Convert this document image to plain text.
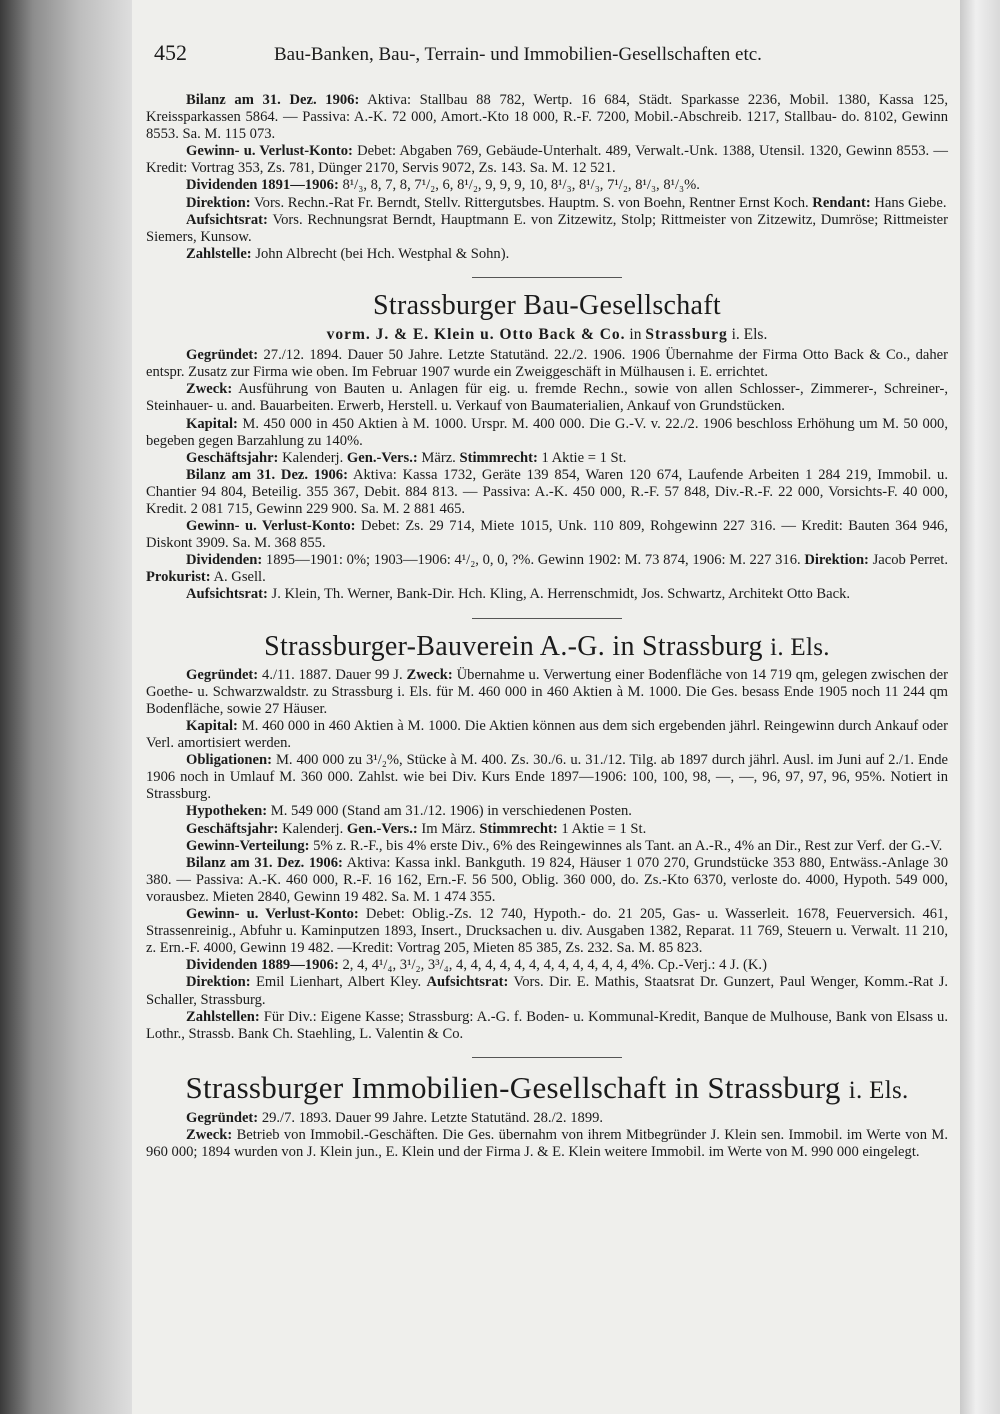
452	Bau-Banken, Bau-, Terrain- und Immobilien-Gesellschaften etc.

Bilanz am 31. Dez. 1906: Aktiva: Stallbau 88 782, Wertp. 16 684, Städt. Sparkasse 2236, Mobil. 1380, Kassa 125, Kreissparkassen 5864. — Passiva: A.-K. 72 000, Amort.-Kto 18 000, R.-F. 7200, Mobil.-Abschreib. 1217, Stallbau- do. 8102, Gewinn 8553. Sa. M. 115 073.

Gewinn- u. Verlust-Konto: Debet: Abgaben 769, Gebäude-Unterhalt. 489, Verwalt.-Unk. 1388, Utensil. 1320, Gewinn 8553. — Kredit: Vortrag 353, Zs. 781, Dünger 2170, Servis 9072, Zs. 143. Sa. M. 12 521.

Dividenden 1891—1906: 8¹/₃, 8, 7, 8, 7¹/₂, 6, 8¹/₂, 9, 9, 9, 10, 8¹/₃, 8¹/₃, 7¹/₂, 8¹/₃, 8¹/₃%.

Direktion: Vors. Rechn.-Rat Fr. Berndt, Stellv. Rittergutsbes. Hauptm. S. von Boehn, Rentner Ernst Koch. Rendant: Hans Giebe.

Aufsichtsrat: Vors. Rechnungsrat Berndt, Hauptmann E. von Zitzewitz, Stolp; Rittmeister von Zitzewitz, Dumröse; Rittmeister Siemers, Kunsow.

Zahlstelle: John Albrecht (bei Hch. Westphal & Sohn).

Strassburger Bau-Gesellschaft
vorm. J. & E. Klein u. Otto Back & Co. in Strassburg i. Els.

Gegründet: 27./12. 1894. Dauer 50 Jahre. Letzte Statutänd. 22./2. 1906. 1906 Übernahme der Firma Otto Back & Co., daher entspr. Zusatz zur Firma wie oben. Im Februar 1907 wurde ein Zweiggeschäft in Mülhausen i. E. errichtet.

Zweck: Ausführung von Bauten u. Anlagen für eig. u. fremde Rechn., sowie von allen Schlosser-, Zimmerer-, Schreiner-, Steinhauer- u. and. Bauarbeiten. Erwerb, Herstell. u. Verkauf von Baumaterialien, Ankauf von Grundstücken.

Kapital: M. 450 000 in 450 Aktien à M. 1000. Urspr. M. 400 000. Die G.-V. v. 22./2. 1906 beschloss Erhöhung um M. 50 000, begeben gegen Barzahlung zu 140%.

Geschäftsjahr: Kalenderj. Gen.-Vers.: März. Stimmrecht: 1 Aktie = 1 St.

Bilanz am 31. Dez. 1906: Aktiva: Kassa 1732, Geräte 139 854, Waren 120 674, Laufende Arbeiten 1 284 219, Immobil. u. Chantier 94 804, Beteilig. 355 367, Debit. 884 813. — Passiva: A.-K. 450 000, R.-F. 57 848, Div.-R.-F. 22 000, Vorsichts-F. 40 000, Kredit. 2 081 715, Gewinn 229 900. Sa. M. 2 881 465.

Gewinn- u. Verlust-Konto: Debet: Zs. 29 714, Miete 1015, Unk. 110 809, Rohgewinn 227 316. — Kredit: Bauten 364 946, Diskont 3909. Sa. M. 368 855.

Dividenden: 1895—1901: 0%; 1903—1906: 4¹/₂, 0, 0, ?%. Gewinn 1902: M. 73 874, 1906: M. 227 316. Direktion: Jacob Perret. Prokurist: A. Gsell.

Aufsichtsrat: J. Klein, Th. Werner, Bank-Dir. Hch. Kling, A. Herrenschmidt, Jos. Schwartz, Architekt Otto Back.

Strassburger-Bauverein A.-G. in Strassburg i. Els.

Gegründet: 4./11. 1887. Dauer 99 J. Zweck: Übernahme u. Verwertung einer Bodenfläche von 14 719 qm, gelegen zwischen der Goethe- u. Schwarzwaldstr. zu Strassburg i. Els. für M. 460 000 in 460 Aktien à M. 1000. Die Ges. besass Ende 1905 noch 11 244 qm Bodenfläche, sowie 27 Häuser.

Kapital: M. 460 000 in 460 Aktien à M. 1000. Die Aktien können aus dem sich ergebenden jährl. Reingewinn durch Ankauf oder Verl. amortisiert werden.

Obligationen: M. 400 000 zu 3¹/₂%, Stücke à M. 400. Zs. 30./6. u. 31./12. Tilg. ab 1897 durch jährl. Ausl. im Juni auf 2./1. Ende 1906 noch in Umlauf M. 360 000. Zahlst. wie bei Div. Kurs Ende 1897—1906: 100, 100, 98, —, —, 96, 97, 97, 96, 95%. Notiert in Strassburg.

Hypotheken: M. 549 000 (Stand am 31./12. 1906) in verschiedenen Posten.

Geschäftsjahr: Kalenderj. Gen.-Vers.: Im März. Stimmrecht: 1 Aktie = 1 St.

Gewinn-Verteilung: 5% z. R.-F., bis 4% erste Div., 6% des Reingewinnes als Tant. an A.-R., 4% an Dir., Rest zur Verf. der G.-V.

Bilanz am 31. Dez. 1906: Aktiva: Kassa inkl. Bankguth. 19 824, Häuser 1 070 270, Grundstücke 353 880, Entwäss.-Anlage 30 380. — Passiva: A.-K. 460 000, R.-F. 16 162, Ern.-F. 56 500, Oblig. 360 000, do. Zs.-Kto 6370, verloste do. 4000, Hypoth. 549 000, vorausbez. Mieten 2840, Gewinn 19 482. Sa. M. 1 474 355.

Gewinn- u. Verlust-Konto: Debet: Oblig.-Zs. 12 740, Hypoth.- do. 21 205, Gas- u. Wasserleit. 1678, Feuerversich. 461, Strassenreinig., Abfuhr u. Kaminputzen 1893, Insert., Drucksachen u. div. Ausgaben 1382, Reparat. 11 769, Steuern u. Verwalt. 11 210, z. Ern.-F. 4000, Gewinn 19 482. —Kredit: Vortrag 205, Mieten 85 385, Zs. 232. Sa. M. 85 823.

Dividenden 1889—1906: 2, 4, 4¹/₄, 3¹/₂, 3³/₄, 4, 4, 4, 4, 4, 4, 4, 4, 4, 4, 4, 4, 4%. Cp.-Verj.: 4 J. (K.)

Direktion: Emil Lienhart, Albert Kley. Aufsichtsrat: Vors. Dir. E. Mathis, Staatsrat Dr. Gunzert, Paul Wenger, Komm.-Rat J. Schaller, Strassburg.

Zahlstellen: Für Div.: Eigene Kasse; Strassburg: A.-G. f. Boden- u. Kommunal-Kredit, Banque de Mulhouse, Bank von Elsass u. Lothr., Strassb. Bank Ch. Staehling, L. Valentin & Co.

Strassburger Immobilien-Gesellschaft in Strassburg i. Els.

Gegründet: 29./7. 1893. Dauer 99 Jahre. Letzte Statutänd. 28./2. 1899.

Zweck: Betrieb von Immobil.-Geschäften. Die Ges. übernahm von ihrem Mitbegründer J. Klein sen. Immobil. im Werte von M. 960 000; 1894 wurden von J. Klein jun., E. Klein und der Firma J. & E. Klein weitere Immobil. im Werte von M. 990 000 eingelegt.
